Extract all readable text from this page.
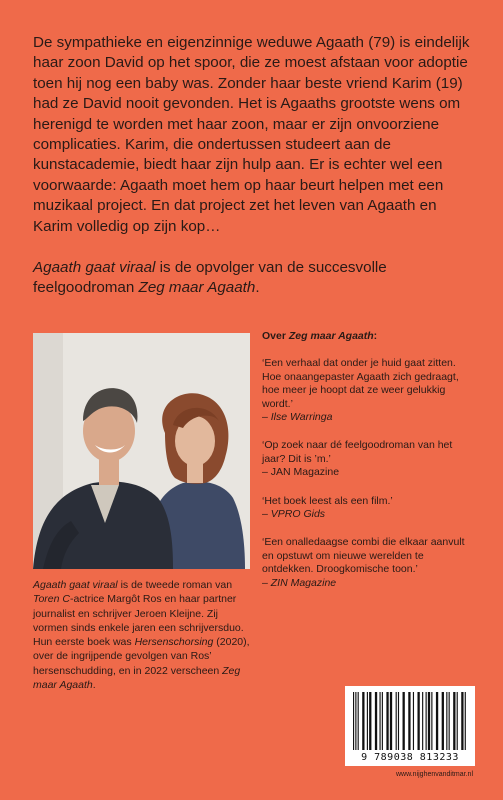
De sympathieke en eigenzinnige weduwe Agaath (79) is eindelijk haar zoon David op het spoor, die ze moest afstaan voor adoptie toen hij nog een baby was. Zonder haar beste vriend Karim (19) had ze David nooit gevonden. Het is Agaaths grootste wens om herenigd te worden met haar zoon, maar er zijn onvoorziene complicaties. Karim, die ondertussen studeert aan de kunstacademie, biedt haar zijn hulp aan. Er is echter wel een voorwaarde: Agaath moet hem op haar beurt helpen met een muzikaal project. En dat project zet het leven van Agaath en Karim volledig op zijn kop…

Agaath gaat viraal is de opvolger van de succesvolle feelgoodroman Zeg maar Agaath.

Agaath gaat viraal is de tweede roman van Toren C-actrice Margôt Ros en haar partner journalist en schrijver Jeroen Kleijne. Zij vormen sinds enkele jaren een schrijversduo. Hun eerste boek was Hersenschorsing (2020), over de ingrijpende gevolgen van Ros’ hersenschudding, en in 2022 verscheen Zeg maar Agaath.

Over Zeg maar Agaath:
‘Een verhaal dat onder je huid gaat zitten. Hoe onaangepaster Agaath zich gedraagt, hoe meer je hoopt dat ze weer gelukkig wordt.’
– Ilse Warringa
‘Op zoek naar dé feelgoodroman van het jaar? Dit is ’m.’
– JAN Magazine
‘Het boek leest als een film.’
– VPRO Gids
‘Een onalledaagse combi die elkaar aanvult en opstuwt om nieuwe werelden te ontdekken. Droogkomische toon.’
– ZIN Magazine
9 789038 813233
www.nijghenvanditmar.nl
